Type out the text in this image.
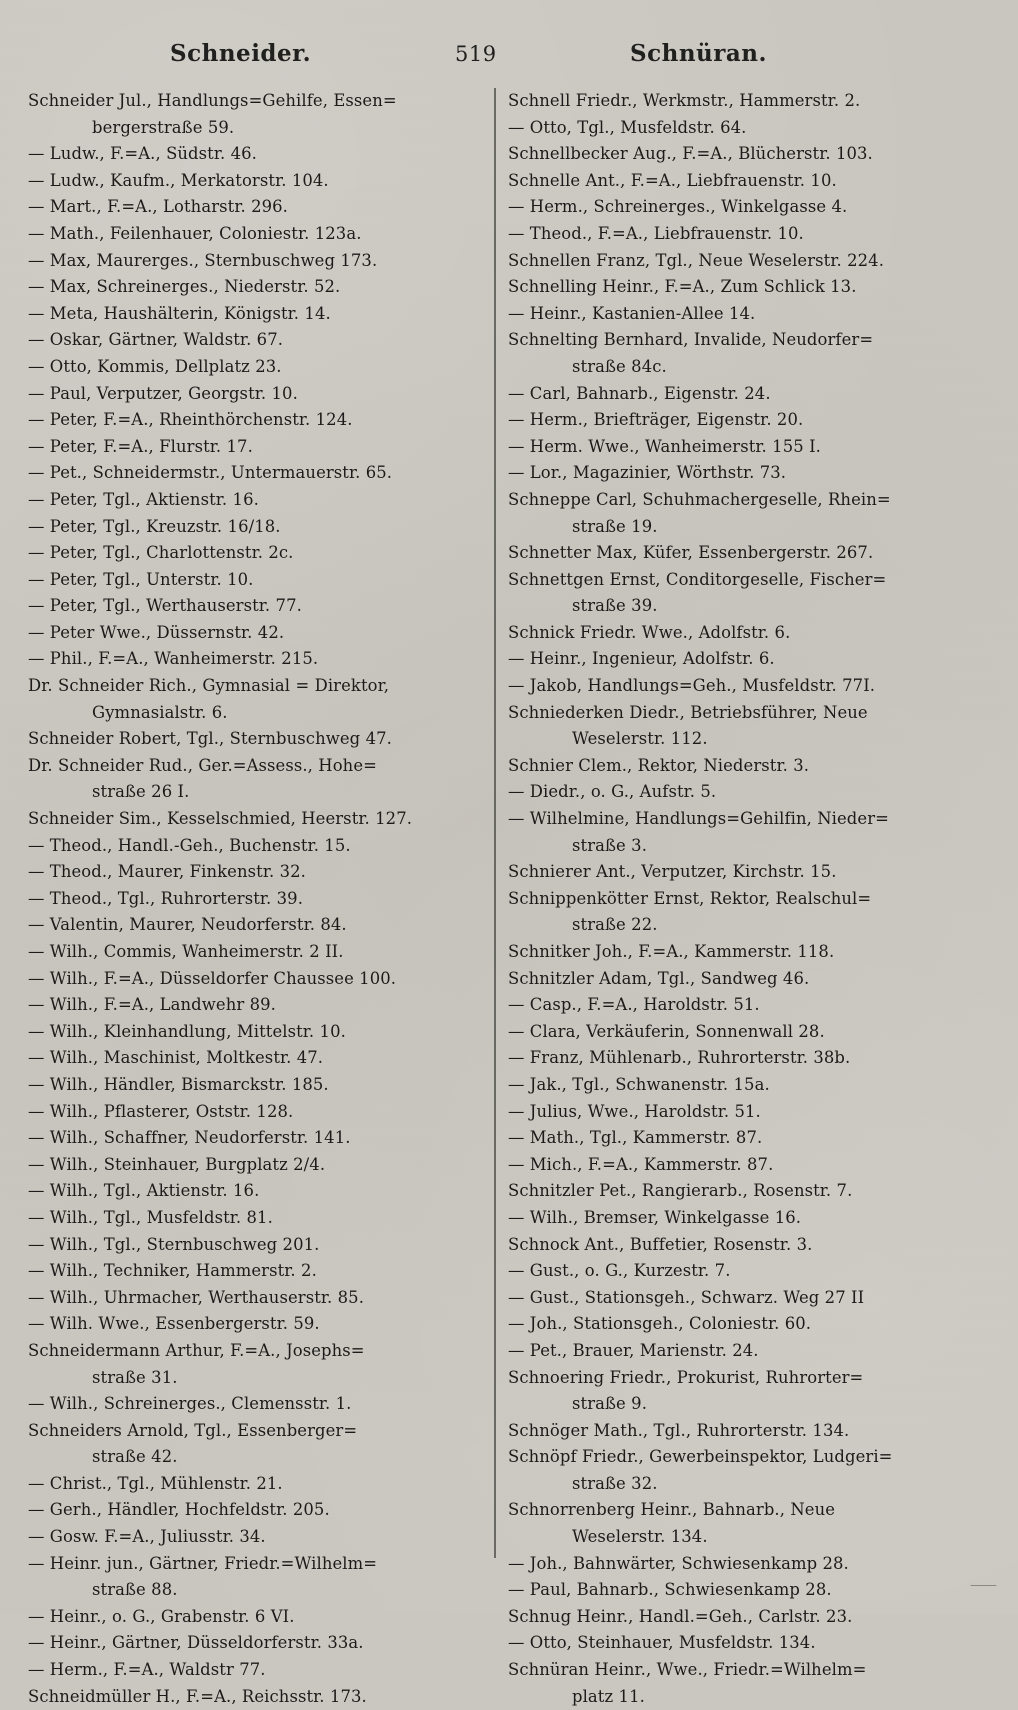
Schneider.	519	Schnüran.

Schneider Jul., Handlungs=Gehilfe, Essen=
bergerstraße 59.

— Ludw., F.=A., Südstr. 46.

— Ludw., Kaufm., Merkatorstr. 104.

— Mart., F.=A., Lotharstr. 296.

— Math., Feilenhauer, Coloniestr. 123a.

— Max, Maurerges., Sternbuschweg 173.

— Max, Schreinerges., Niederstr. 52.

— Meta, Haushälterin, Königstr. 14.

— Oskar, Gärtner, Waldstr. 67.

— Otto, Kommis, Dellplatz 23.

— Paul, Verputzer, Georgstr. 10.

— Peter, F.=A., Rheinthörchenstr. 124.

— Peter, F.=A., Flurstr. 17.

— Pet., Schneidermstr., Untermauerstr. 65.

— Peter, Tgl., Aktienstr. 16.

— Peter, Tgl., Kreuzstr. 16/18.

— Peter, Tgl., Charlottenstr. 2c.

— Peter, Tgl., Unterstr. 10.

— Peter, Tgl., Werthauserstr. 77.

— Peter Wwe., Düssernstr. 42.

— Phil., F.=A., Wanheimerstr. 215.

Dr. Schneider Rich., Gymnasial = Direktor,
Gymnasialstr. 6.

Schneider Robert, Tgl., Sternbuschweg 47.

Dr. Schneider Rud., Ger.=Assess., Hohe=
straße 26 I.

Schneider Sim., Kesselschmied, Heerstr. 127.

— Theod., Handl.-Geh., Buchenstr. 15.

— Theod., Maurer, Finkenstr. 32.

— Theod., Tgl., Ruhrorterstr. 39.

— Valentin, Maurer, Neudorferstr. 84.

— Wilh., Commis, Wanheimerstr. 2 II.

— Wilh., F.=A., Düsseldorfer Chaussee 100.

— Wilh., F.=A., Landwehr 89.

— Wilh., Kleinhandlung, Mittelstr. 10.

— Wilh., Maschinist, Moltkestr. 47.

— Wilh., Händler, Bismarckstr. 185.

— Wilh., Pflasterer, Oststr. 128.

— Wilh., Schaffner, Neudorferstr. 141.

— Wilh., Steinhauer, Burgplatz 2/4.

— Wilh., Tgl., Aktienstr. 16.

— Wilh., Tgl., Musfeldstr. 81.

— Wilh., Tgl., Sternbuschweg 201.

— Wilh., Techniker, Hammerstr. 2.

— Wilh., Uhrmacher, Werthauserstr. 85.

— Wilh. Wwe., Essenbergerstr. 59.

Schneidermann Arthur, F.=A., Josephs=
straße 31.

— Wilh., Schreinerges., Clemensstr. 1.

Schneiders Arnold, Tgl., Essenberger=
straße 42.

— Christ., Tgl., Mühlenstr. 21.

— Gerh., Händler, Hochfeldstr. 205.

— Gosw. F.=A., Juliusstr. 34.

— Heinr. jun., Gärtner, Friedr.=Wilhelm=
straße 88.

— Heinr., o. G., Grabenstr. 6 VI.

— Heinr., Gärtner, Düsseldorferstr. 33a.

— Herm., F.=A., Waldstr 77.

Schneidmüller H., F.=A., Reichsstr. 173.

Schnell Friedr., Werkmstr., Hammerstr. 2.

— Otto, Tgl., Musfeldstr. 64.

Schnellbecker Aug., F.=A., Blücherstr. 103.

Schnelle Ant., F.=A., Liebfrauenstr. 10.

— Herm., Schreinerges., Winkelgasse 4.

— Theod., F.=A., Liebfrauenstr. 10.

Schnellen Franz, Tgl., Neue Weselerstr. 224.

Schnelling Heinr., F.=A., Zum Schlick 13.

— Heinr., Kastanien-Allee 14.

Schnelting Bernhard, Invalide, Neudorfer=
straße 84c.

— Carl, Bahnarb., Eigenstr. 24.

— Herm., Briefträger, Eigenstr. 20.

— Herm. Wwe., Wanheimerstr. 155 I.

— Lor., Magazinier, Wörthstr. 73.

Schneppe Carl, Schuhmachergeselle, Rhein=
straße 19.

Schnetter Max, Küfer, Essenbergerstr. 267.

Schnettgen Ernst, Conditorgeselle, Fischer=
straße 39.

Schnick Friedr. Wwe., Adolfstr. 6.

— Heinr., Ingenieur, Adolfstr. 6.

— Jakob, Handlungs=Geh., Musfeldstr. 77I.

Schniederken Diedr., Betriebsführer, Neue
Weselerstr. 112.

Schnier Clem., Rektor, Niederstr. 3.

— Diedr., o. G., Aufstr. 5.

— Wilhelmine, Handlungs=Gehilfin, Nieder=
straße 3.

Schnierer Ant., Verputzer, Kirchstr. 15.

Schnippenkötter Ernst, Rektor, Realschul=
straße 22.

Schnitker Joh., F.=A., Kammerstr. 118.

Schnitzler Adam, Tgl., Sandweg 46.

— Casp., F.=A., Haroldstr. 51.

— Clara, Verkäuferin, Sonnenwall 28.

— Franz, Mühlenarb., Ruhrorterstr. 38b.

— Jak., Tgl., Schwanenstr. 15a.

— Julius, Wwe., Haroldstr. 51.

— Math., Tgl., Kammerstr. 87.

— Mich., F.=A., Kammerstr. 87.

Schnitzler Pet., Rangierarb., Rosenstr. 7.

— Wilh., Bremser, Winkelgasse 16.

Schnock Ant., Buffetier, Rosenstr. 3.

— Gust., o. G., Kurzestr. 7.

— Gust., Stationsgeh., Schwarz. Weg 27 II

— Joh., Stationsgeh., Coloniestr. 60.

— Pet., Brauer, Marienstr. 24.

Schnoering Friedr., Prokurist, Ruhrorter=
straße 9.

Schnöger Math., Tgl., Ruhrorterstr. 134.

Schnöpf Friedr., Gewerbeinspektor, Ludgeri=
straße 32.

Schnorrenberg Heinr., Bahnarb., Neue
Weselerstr. 134.

— Joh., Bahnwärter, Schwiesenkamp 28.

— Paul, Bahnarb., Schwiesenkamp 28.

Schnug Heinr., Handl.=Geh., Carlstr. 23.

— Otto, Steinhauer, Musfeldstr. 134.

Schnüran Heinr., Wwe., Friedr.=Wilhelm=
platz 11.

⸺
